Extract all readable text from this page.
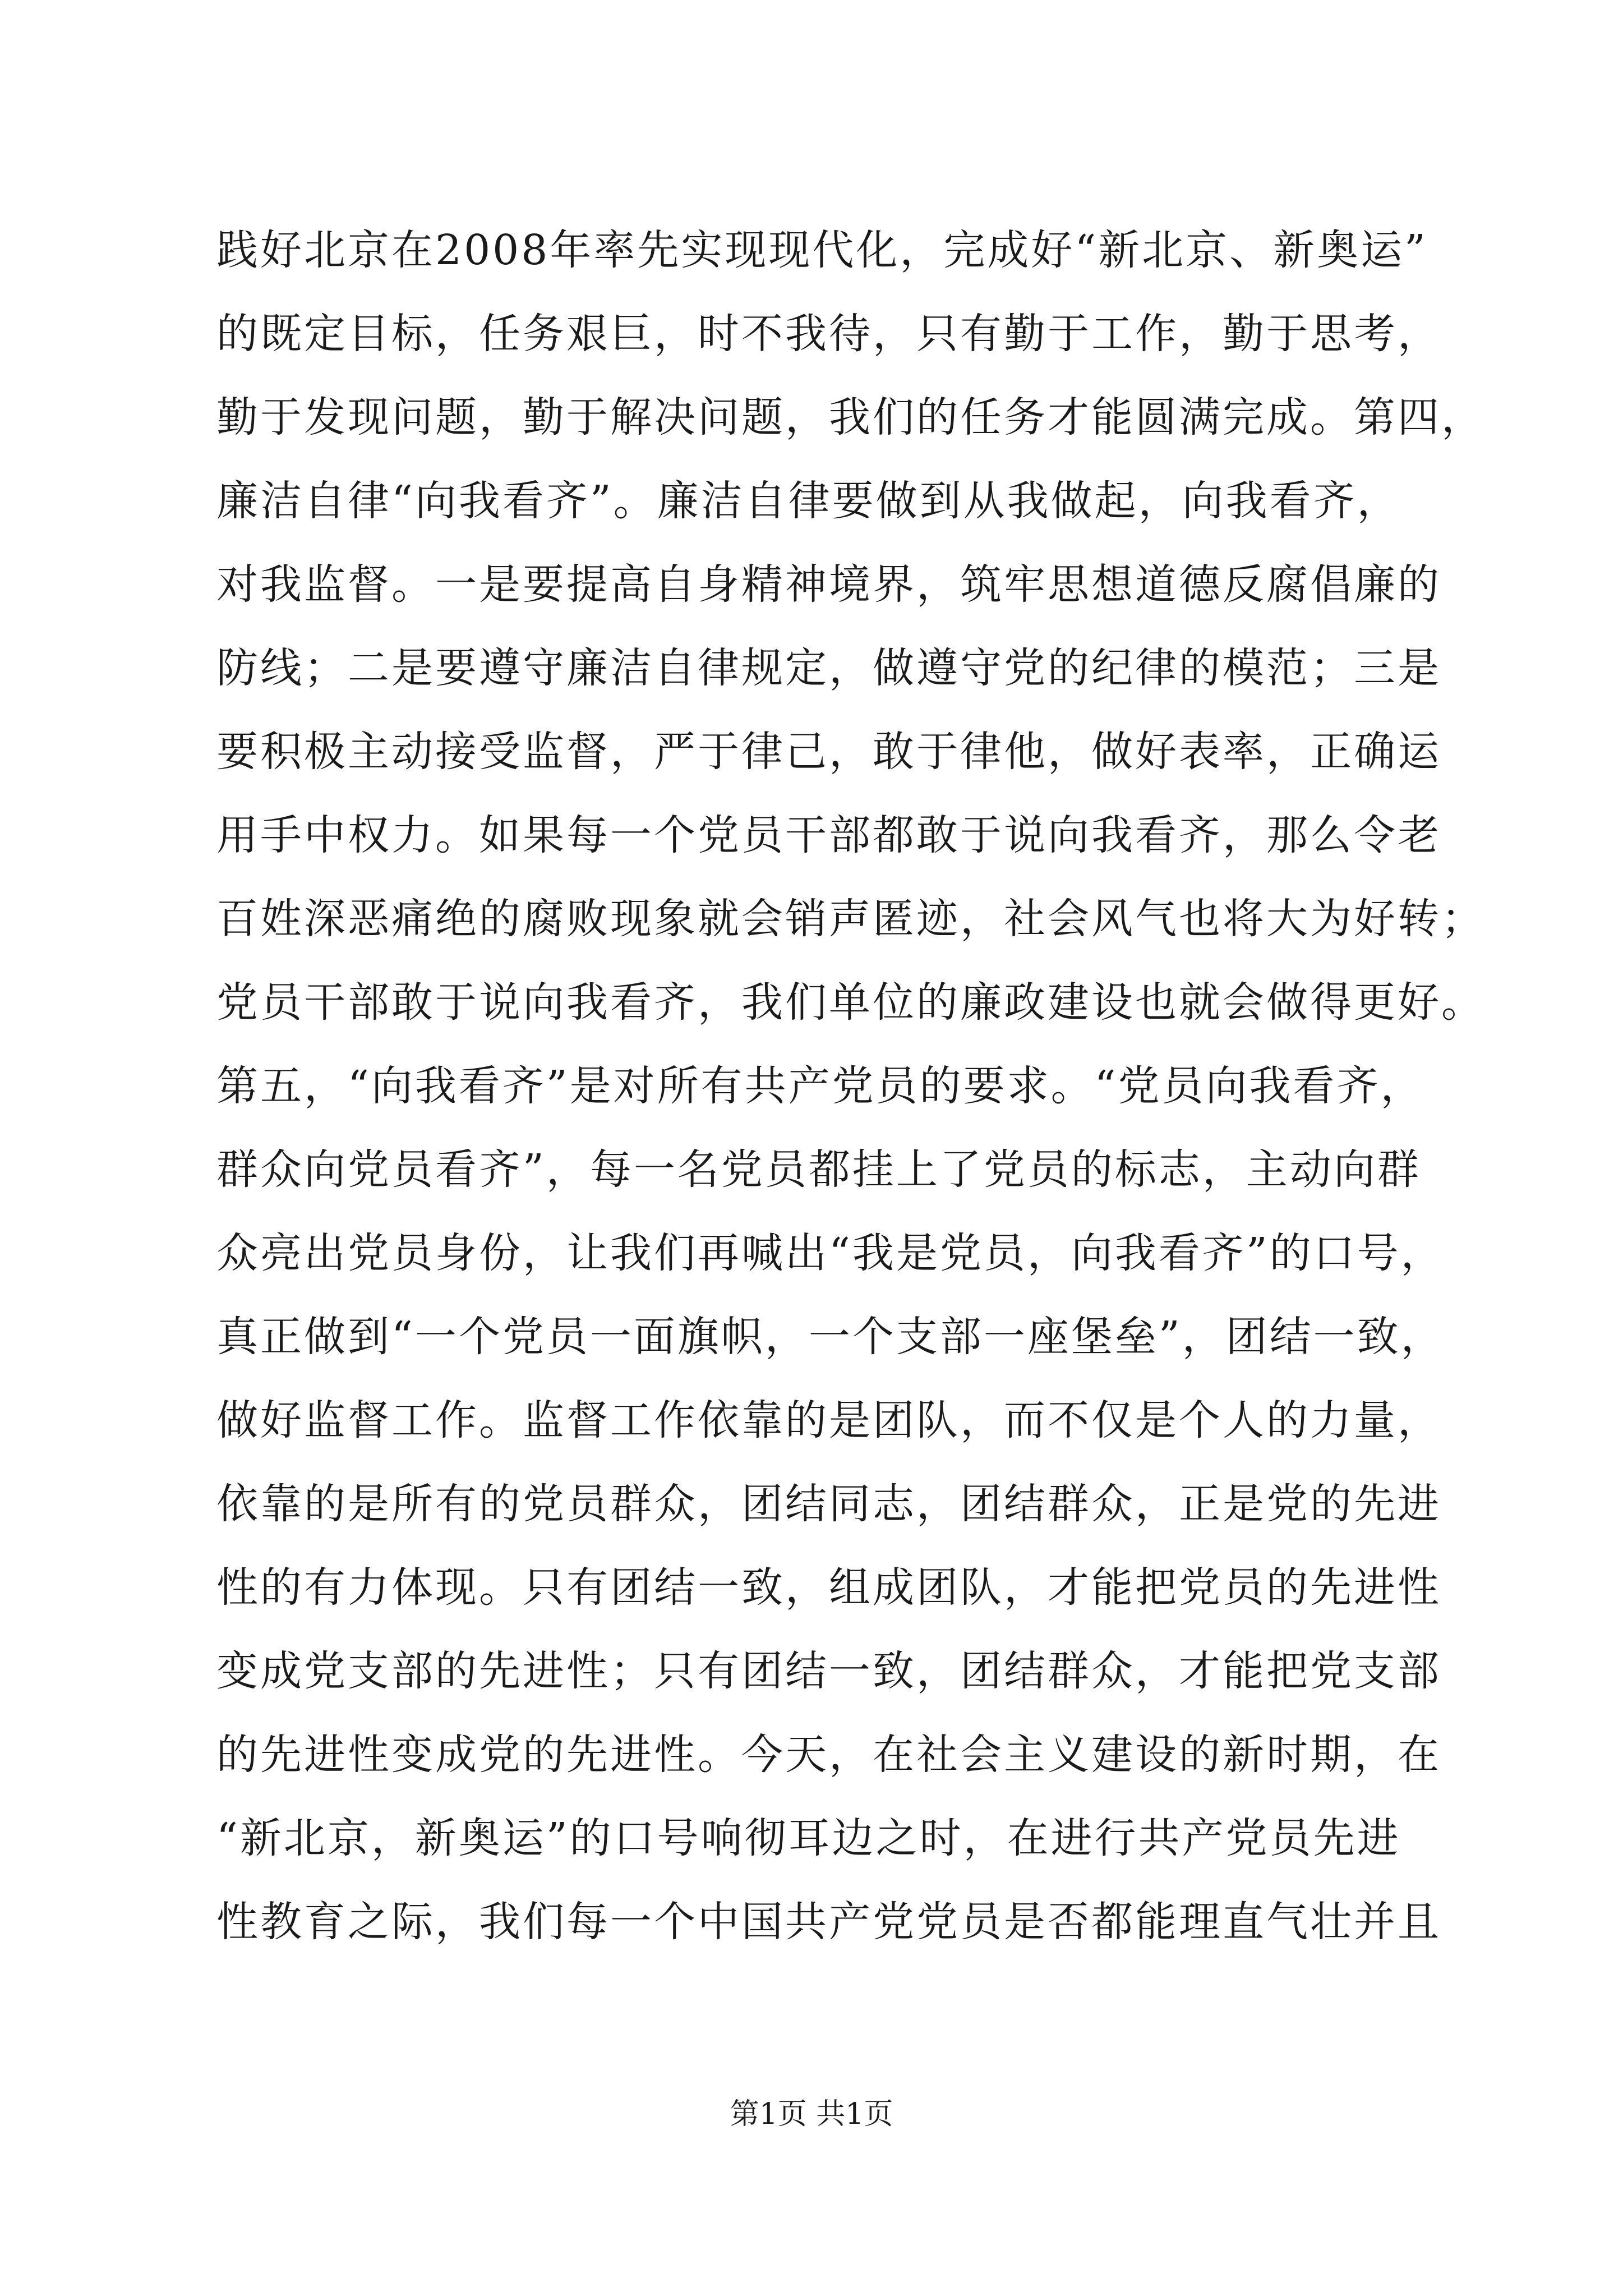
践好北京在2008年率先实现现代化，完成好“新北京、新奥运”
的既定目标，任务艰巨，时不我待，只有勤于工作，勤于思考，
勤于发现问题，勤于解决问题，我们的任务才能圆满完成。第四，
廉洁自律“向我看齐”。廉洁自律要做到从我做起，向我看齐，
对我监督。一是要提高自身精神境界，筑牢思想道德反腐倡廉的
防线；二是要遵守廉洁自律规定，做遵守党的纪律的模范；三是
要积极主动接受监督，严于律己，敢于律他，做好表率，正确运
用手中权力。如果每一个党员干部都敢于说向我看齐，那么令老
百姓深恶痛绝的腐败现象就会销声匿迹，社会风气也将大为好转；
党员干部敢于说向我看齐，我们单位的廉政建设也就会做得更好。
第五，“向我看齐”是对所有共产党员的要求。“党员向我看齐，
群众向党员看齐”，每一名党员都挂上了党员的标志，主动向群
众亮出党员身份，让我们再喊出“我是党员，向我看齐”的口号，
真正做到“一个党员一面旗帜，一个支部一座堡垒”，团结一致，
做好监督工作。监督工作依靠的是团队，而不仅是个人的力量，
依靠的是所有的党员群众，团结同志，团结群众，正是党的先进
性的有力体现。只有团结一致，组成团队，才能把党员的先进性
变成党支部的先进性；只有团结一致，团结群众，才能把党支部
的先进性变成党的先进性。今天，在社会主义建设的新时期，在
“新北京，新奥运”的口号响彻耳边之时，在进行共产党员先进
性教育之际，我们每一个中国共产党党员是否都能理直气壮并且
第1页 共1页
